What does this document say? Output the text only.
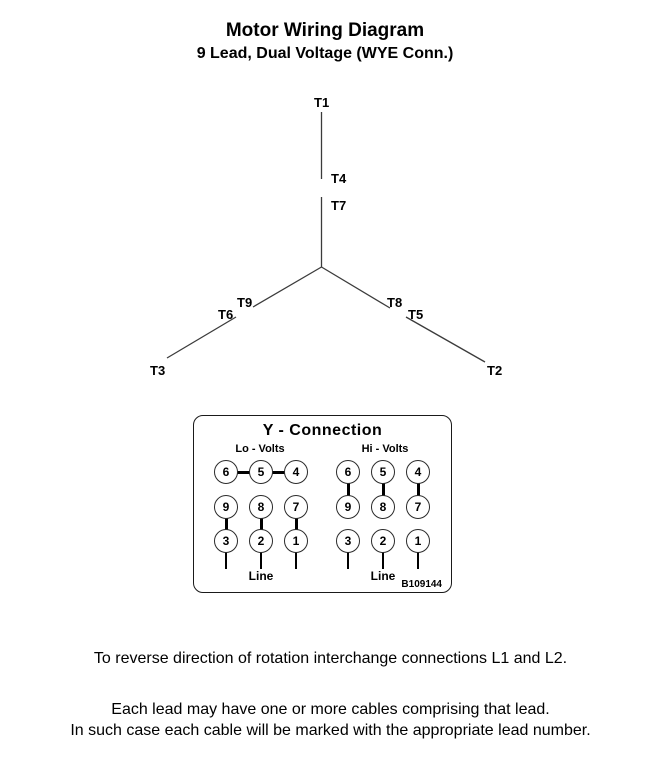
Motor Wiring Diagram
9 Lead, Dual Voltage (WYE Conn.)
T1
T4
T7
T9
T6
T8
T5
T3	T2
Y - Connection
Lo - Volts	Hi - Volts
6	5	4
9	8	7
3	2	1
6	5	4
9	8	7
3	2	1
Line	Line
B109144
To reverse direction of rotation interchange connections L1 and L2.
Each lead may have one or more cables comprising that lead.
In such case each cable will be marked with the appropriate lead number.
